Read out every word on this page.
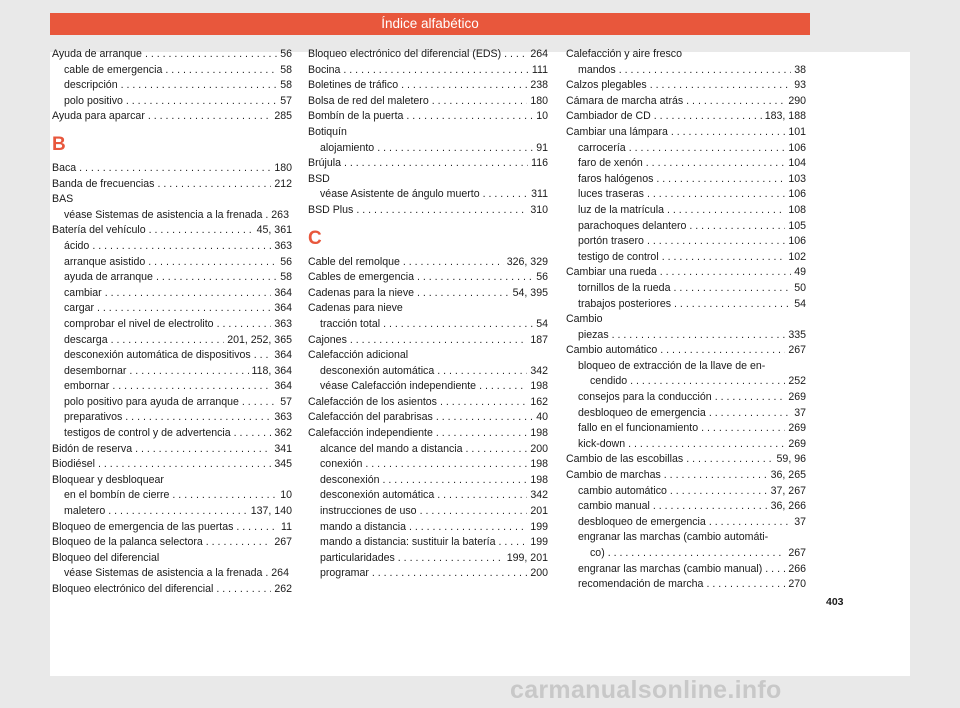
Índice alfabético
Ayuda de arranque . . .	56
cable de emergencia . . .	58
descripción . . .	58
polo positivo . . .	57
Ayuda para aparcar . . .	285
B
Baca . . .	180
Banda de frecuencias . . .	212
BAS
véase Sistemas de asistencia a la frenada . 263
Batería del vehículo . . .	45, 361
ácido . . .	363
arranque asistido . . .	56
ayuda de arranque . . .	58
cambiar . . .	364
cargar . . .	364
comprobar el nivel de electrolito . . .	363
descarga . . .	201, 252, 365
desconexión automática de dispositivos . . . 364
desembornar . . .	118, 364
embornar . . .	364
polo positivo para ayuda de arranque . . .	57
preparativos . . .	363
testigos de control y de advertencia . . .	362
Bidón de reserva . . .	341
Biodiésel . . .	345
Bloquear y desbloquear
en el bombín de cierre . . .	10
maletero . . .	137, 140
Bloqueo de emergencia de las puertas . . .	11
Bloqueo de la palanca selectora . . .	267
Bloqueo del diferencial
véase Sistemas de asistencia a la frenada . 264
Bloqueo electrónico del diferencial . . .	262
Bloqueo electrónico del diferencial (EDS) . . .	264
Bocina . . .	111
Boletines de tráfico . . .	238
Bolsa de red del maletero . . .	180
Bombín de la puerta . . .	10
Botiquín
alojamiento . . .	91
Brújula . . .	116
BSD
véase Asistente de ángulo muerto . . .	311
BSD Plus . . .	310
C
Cable del remolque . . .	326, 329
Cables de emergencia . . .	56
Cadenas para la nieve . . .	54, 395
Cadenas para nieve
tracción total . . .	54
Cajones . . .	187
Calefacción adicional
desconexión automática . . .	342
véase Calefacción independiente . . .	198
Calefacción de los asientos . . .	162
Calefacción del parabrisas . . .	40
Calefacción independiente . . .	198
alcance del mando a distancia . . .	200
conexión . . .	198
desconexión . . .	198
desconexión automática . . .	342
instrucciones de uso . . .	201
mando a distancia . . .	199
mando a distancia: sustituir la batería . . .	199
particularidades . . .	199, 201
programar . . .	200
Calefacción y aire fresco
mandos . . .	38
Calzos plegables . . .	93
Cámara de marcha atrás . . .	290
Cambiador de CD . . .	183, 188
Cambiar una lámpara . . .	101
carrocería . . .	106
faro de xenón . . .	104
faros halógenos . . .	103
luces traseras . . .	106
luz de la matrícula . . .	108
parachoques delantero . . .	105
portón trasero . . .	106
testigo de control . . .	102
Cambiar una rueda . . .	49
tornillos de la rueda . . .	50
trabajos posteriores . . .	54
Cambio
piezas . . .	335
Cambio automático . . .	267
bloqueo de extracción de la llave de en-
cendido . . .	252
consejos para la conducción . . .	269
desbloqueo de emergencia . . .	37
fallo en el funcionamiento . . .	269
kick-down . . .	269
Cambio de las escobillas . . .	59, 96
Cambio de marchas . . .	36, 265
cambio automático . . .	37, 267
cambio manual . . .	36, 266
desbloqueo de emergencia . . .	37
engranar las marchas (cambio automáti-
co) . . .	267
engranar las marchas (cambio manual) . . . . . 266
recomendación de marcha . . .	270
403
carmanualsonline.info
